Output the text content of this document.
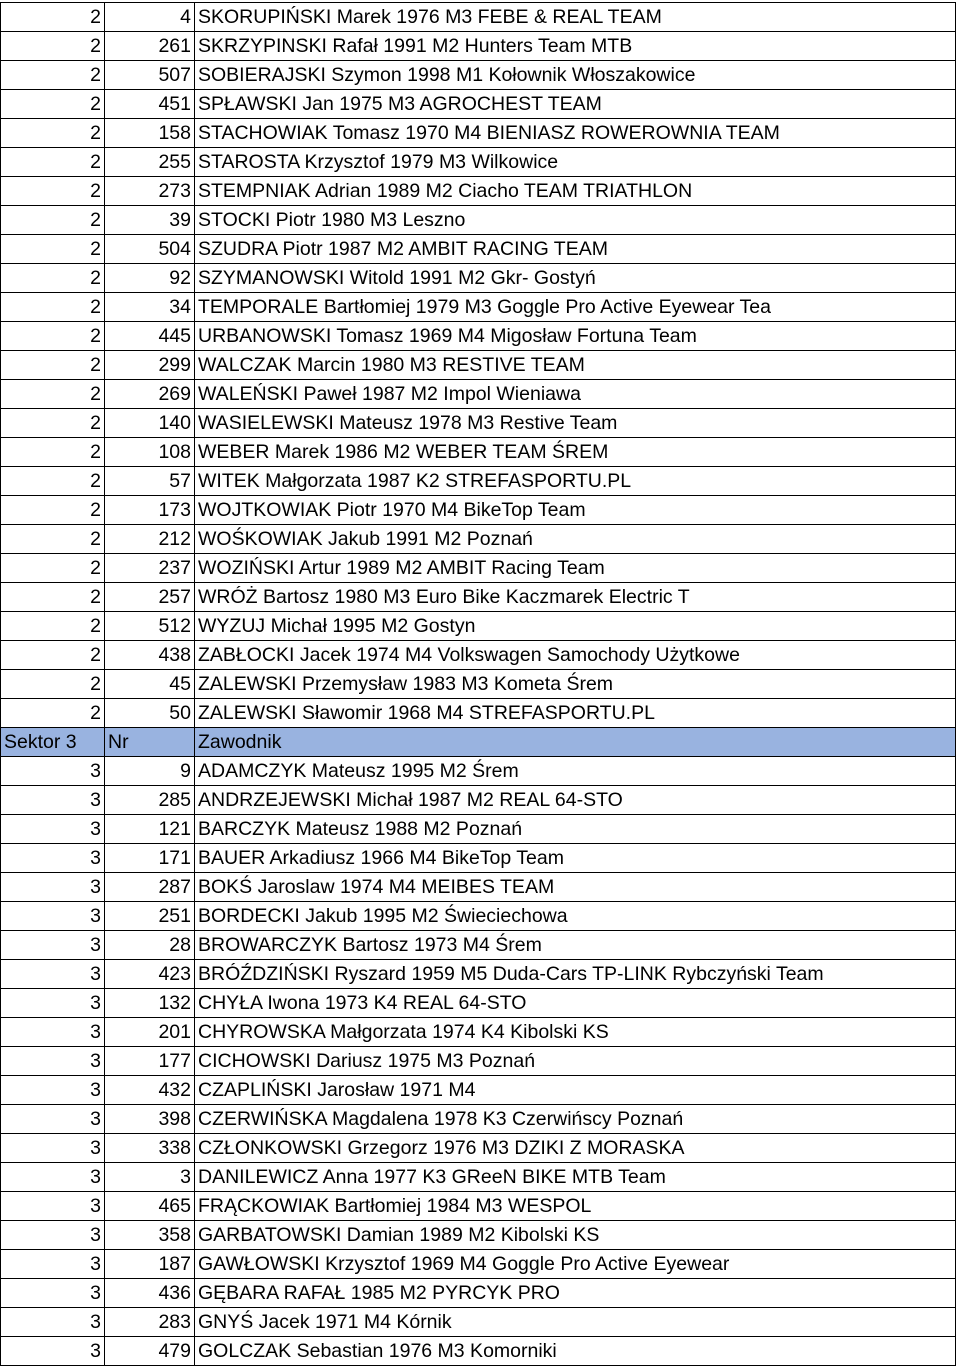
2	4	SKORUPIŃSKI Marek 1976 M3 FEBE & REAL TEAM
2	261	SKRZYPINSKI Rafał 1991 M2 Hunters Team MTB
2	507	SOBIERAJSKI Szymon 1998 M1 Kołownik Włoszakowice
2	451	SPŁAWSKI Jan 1975 M3 AGROCHEST TEAM
2	158	STACHOWIAK Tomasz 1970 M4 BIENIASZ ROWEROWNIA TEAM
2	255	STAROSTA Krzysztof 1979 M3 Wilkowice
2	273	STEMPNIAK Adrian 1989 M2 Ciacho TEAM TRIATHLON
2	39	STOCKI Piotr 1980 M3 Leszno
2	504	SZUDRA Piotr 1987 M2 AMBIT RACING TEAM
2	92	SZYMANOWSKI Witold 1991 M2 Gkr- Gostyń
2	34	TEMPORALE Bartłomiej 1979 M3 Goggle Pro Active Eyewear Tea
2	445	URBANOWSKI Tomasz 1969 M4 Migosław Fortuna Team
2	299	WALCZAK Marcin 1980 M3 RESTIVE TEAM
2	269	WALEŃSKI Paweł 1987 M2 Impol Wieniawa
2	140	WASIELEWSKI Mateusz 1978 M3 Restive Team
2	108	WEBER Marek 1986 M2 WEBER TEAM ŚREM
2	57	WITEK Małgorzata 1987 K2 STREFASPORTU.PL
2	173	WOJTKOWIAK Piotr 1970 M4 BikeTop Team
2	212	WOŚKOWIAK Jakub 1991 M2 Poznań
2	237	WOZIŃSKI Artur 1989 M2 AMBIT Racing Team
2	257	WRÓŻ Bartosz 1980 M3 Euro Bike Kaczmarek Electric T
2	512	WYZUJ Michał 1995 M2 Gostyn
2	438	ZABŁOCKI Jacek 1974 M4 Volkswagen Samochody Użytkowe
2	45	ZALEWSKI Przemysław 1983 M3 Kometa Śrem
2	50	ZALEWSKI Sławomir 1968 M4 STREFASPORTU.PL
Sektor 3	Nr	Zawodnik
3	9	ADAMCZYK Mateusz 1995 M2 Śrem
3	285	ANDRZEJEWSKI Michał 1987 M2 REAL 64-STO
3	121	BARCZYK Mateusz 1988 M2 Poznań
3	171	BAUER Arkadiusz 1966 M4 BikeTop Team
3	287	BOKŚ Jaroslaw 1974 M4 MEIBES TEAM
3	251	BORDECKI Jakub 1995 M2 Świeciechowa
3	28	BROWARCZYK Bartosz 1973 M4 Śrem
3	423	BRÓŹDZIŃSKI Ryszard 1959 M5 Duda-Cars TP-LINK Rybczyński Team
3	132	CHYŁA Iwona 1973 K4 REAL 64-STO
3	201	CHYROWSKA Małgorzata 1974 K4 Kibolski KS
3	177	CICHOWSKI Dariusz 1975 M3 Poznań
3	432	CZAPLIŃSKI Jarosław 1971 M4
3	398	CZERWIŃSKA Magdalena 1978 K3 Czerwińscy Poznań
3	338	CZŁONKOWSKI Grzegorz 1976 M3 DZIKI Z MORASKA
3	3	DANILEWICZ Anna 1977 K3 GReeN BIKE MTB Team
3	465	FRĄCKOWIAK Bartłomiej 1984 M3 WESPOL
3	358	GARBATOWSKI Damian 1989 M2 Kibolski KS
3	187	GAWŁOWSKI Krzysztof 1969 M4 Goggle Pro Active Eyewear
3	436	GĘBARA RAFAŁ 1985 M2 PYRCYK PRO
3	283	GNYŚ Jacek 1971 M4 Kórnik
3	479	GOLCZAK Sebastian 1976 M3 Komorniki
